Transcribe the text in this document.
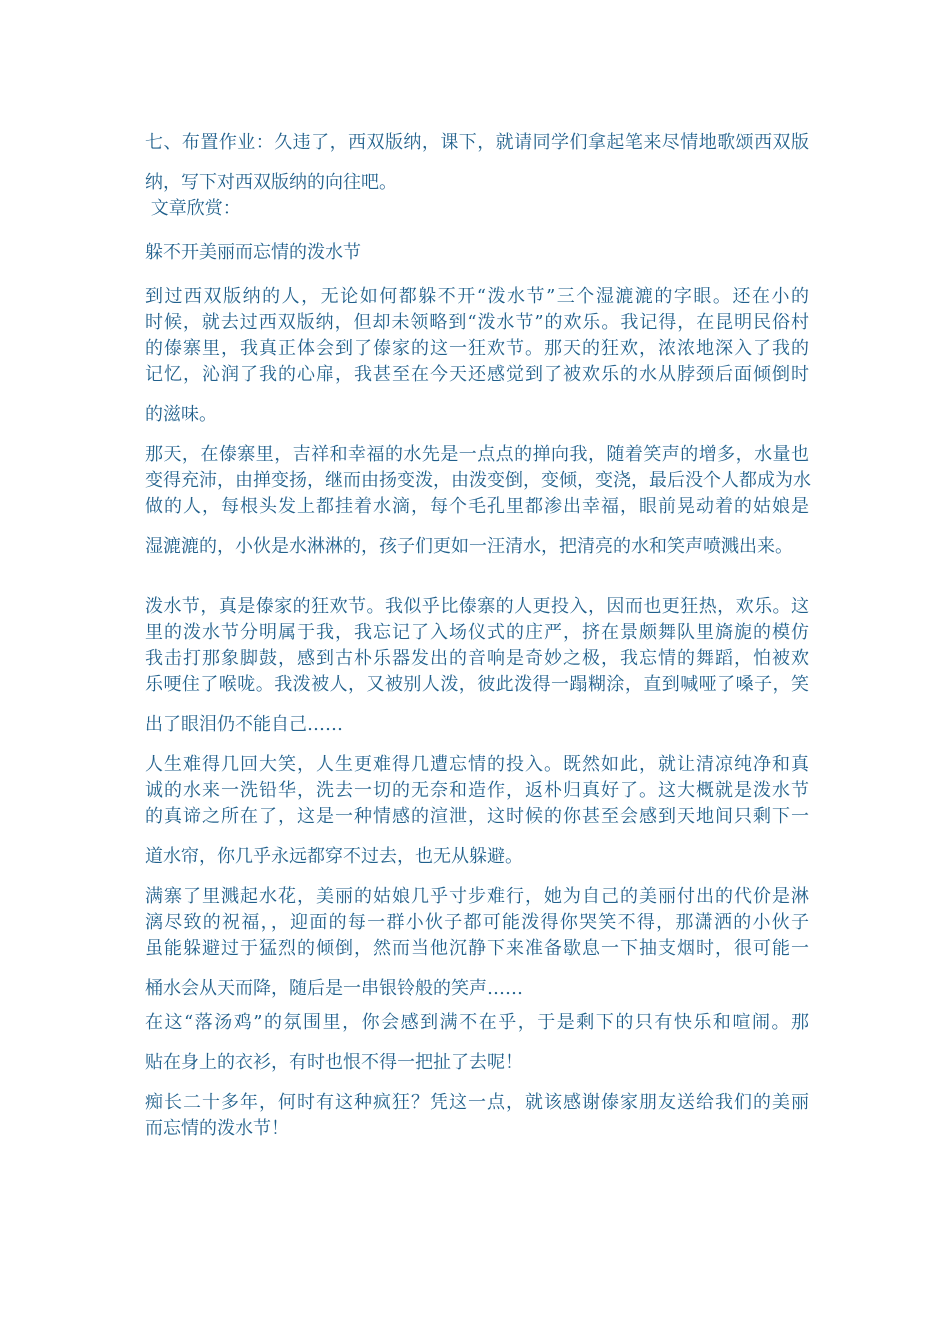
七、布置作业：久违了，西双版纳，课下，就请同学们拿起笔来尽情地歌颂西双版
纳，写下对西双版纳的向往吧。
文章欣赏：
躲不开美丽而忘情的泼水节
到过西双版纳的人，无论如何都躲不开“泼水节”三个湿漉漉的字眼。还在小的
时候，就去过西双版纳，但却未领略到“泼水节”的欢乐。我记得，在昆明民俗村
的傣寨里，我真正体会到了傣家的这一狂欢节。那天的狂欢，浓浓地深入了我的
记忆，沁润了我的心扉，我甚至在今天还感觉到了被欢乐的水从脖颈后面倾倒时
的滋味。
那天，在傣寨里，吉祥和幸福的水先是一点点的掸向我，随着笑声的增多，水量也
变得充沛，由掸变扬，继而由扬变泼，由泼变倒，变倾，变浇，最后没个人都成为水
做的人，每根头发上都挂着水滴，每个毛孔里都渗出幸福，眼前晃动着的姑娘是
湿漉漉的，小伙是水淋淋的，孩子们更如一汪清水，把清亮的水和笑声喷溅出来。
泼水节，真是傣家的狂欢节。我似乎比傣寨的人更投入，因而也更狂热，欢乐。这
里的泼水节分明属于我，我忘记了入场仪式的庄严，挤在景颇舞队里旖旎的模仿
我击打那象脚鼓，感到古朴乐器发出的音响是奇妙之极，我忘情的舞蹈，怕被欢
乐哽住了喉咙。我泼被人，又被别人泼，彼此泼得一蹋糊涂，直到喊哑了嗓子，笑
出了眼泪仍不能自己……
人生难得几回大笑，人生更难得几遭忘情的投入。既然如此，就让清凉纯净和真
诚的水来一洗铅华，洗去一切的无奈和造作，返朴归真好了。这大概就是泼水节
的真谛之所在了，这是一种情感的渲泄，这时候的你甚至会感到天地间只剩下一
道水帘，你几乎永远都穿不过去，也无从躲避。
满寨了里溅起水花，美丽的姑娘几乎寸步难行，她为自己的美丽付出的代价是淋
漓尽致的祝福，，迎面的每一群小伙子都可能泼得你哭笑不得，那潇洒的小伙子
虽能躲避过于猛烈的倾倒，然而当他沉静下来准备歇息一下抽支烟时，很可能一
桶水会从天而降，随后是一串银铃般的笑声……
在这“落汤鸡”的氛围里，你会感到满不在乎，于是剩下的只有快乐和喧闹。那
贴在身上的衣衫，有时也恨不得一把扯了去呢！
痴长二十多年，何时有这种疯狂？凭这一点，就该感谢傣家朋友送给我们的美丽
而忘情的泼水节！
